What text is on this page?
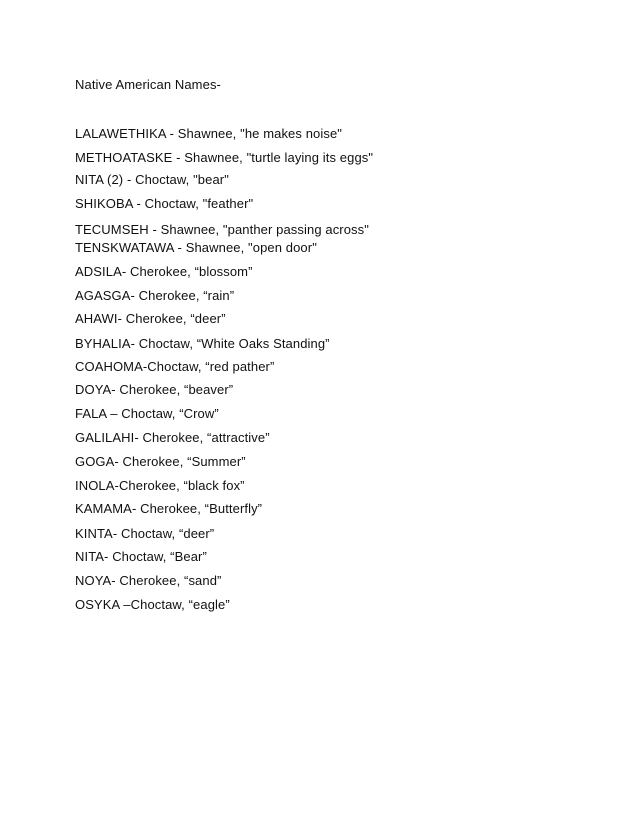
Native American Names-
LALAWETHIKA - Shawnee, "he makes noise"
METHOATASKE - Shawnee, "turtle laying its eggs"
NITA (2) - Choctaw, "bear"
SHIKOBA - Choctaw, "feather"
TECUMSEH - Shawnee, "panther passing across"
TENSKWATAWA - Shawnee, "open door"
ADSILA- Cherokee, “blossom”
AGASGA- Cherokee, “rain”
AHAWI- Cherokee, “deer”
BYHALIA- Choctaw, “White Oaks Standing”
COAHOMA-Choctaw, “red pather”
DOYA- Cherokee, “beaver”
FALA – Choctaw, “Crow”
GALILAHI- Cherokee, “attractive”
GOGA- Cherokee, “Summer”
INOLA-Cherokee, “black fox”
KAMAMA- Cherokee, “Butterfly”
KINTA- Choctaw, “deer”
NITA- Choctaw, “Bear”
NOYA- Cherokee, “sand”
OSYKA –Choctaw, “eagle”
